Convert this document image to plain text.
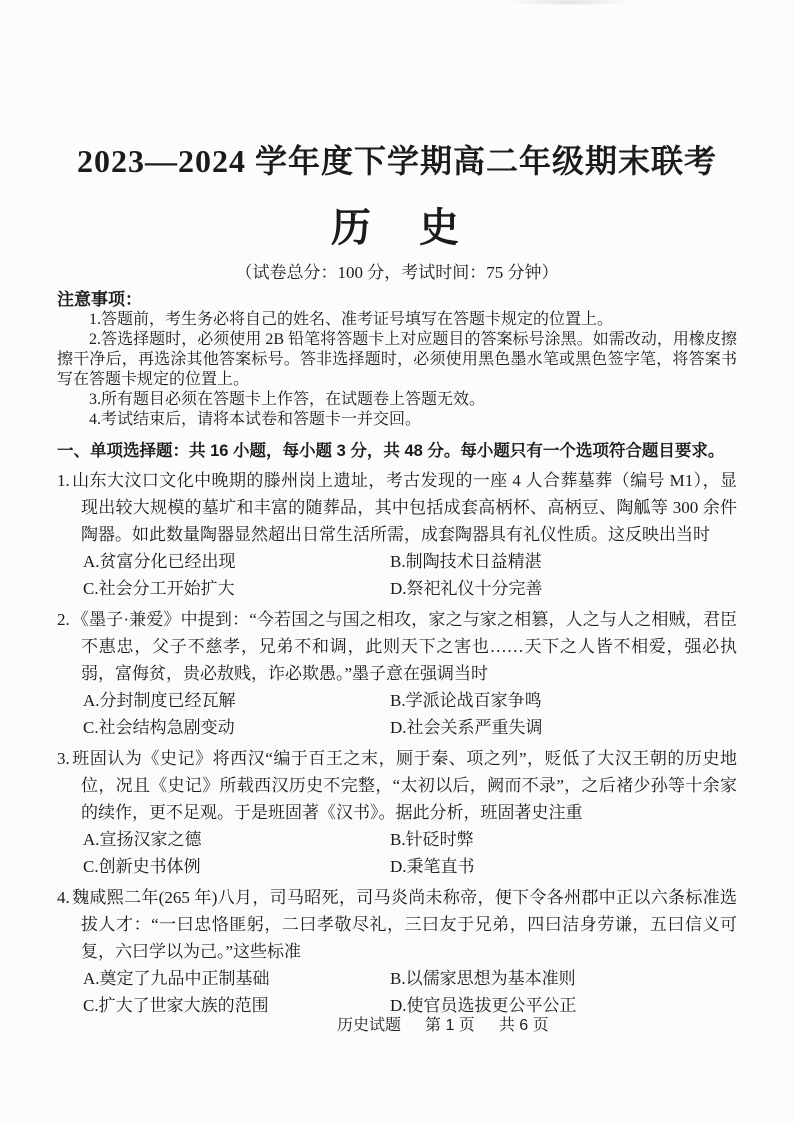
2023—2024 学年度下学期高二年级期末联考
历　史
（试卷总分：100 分，考试时间：75 分钟）
注意事项：

1.答题前，考生务必将自己的姓名、准考证号填写在答题卡规定的位置上。

2.答选择题时，必须使用 2B 铅笔将答题卡上对应题目的答案标号涂黑。如需改动，用橡皮擦擦干净后，再选涂其他答案标号。答非选择题时，必须使用黑色墨水笔或黑色签字笔，将答案书写在答题卡规定的位置上。

3.所有题目必须在答题卡上作答，在试题卷上答题无效。

4.考试结束后，请将本试卷和答题卡一并交回。

一、单项选择题：共 16 小题，每小题 3 分，共 48 分。每小题只有一个选项符合题目要求。

1. 山东大汶口文化中晚期的滕州岗上遗址，考古发现的一座 4 人合葬墓葬（编号 M1），显现出较大规模的墓圹和丰富的随葬品，其中包括成套高柄杯、高柄豆、陶觚等 300 余件陶器。如此数量陶器显然超出日常生活所需，成套陶器具有礼仪性质。这反映出当时

A.贫富分化已经出现	B.制陶技术日益精湛
C.社会分工开始扩大	D.祭祀礼仪十分完善

2. 《墨子·兼爱》中提到：“今若国之与国之相攻，家之与家之相篡，人之与人之相贼，君臣不惠忠，父子不慈孝，兄弟不和调，此则天下之害也……天下之人皆不相爱，强必执弱，富侮贫，贵必敖贱，诈必欺愚。”墨子意在强调当时

A.分封制度已经瓦解	B.学派论战百家争鸣
C.社会结构急剧变动	D.社会关系严重失调

3. 班固认为《史记》将西汉“编于百王之末，厕于秦、项之列”，贬低了大汉王朝的历史地位，况且《史记》所载西汉历史不完整，“太初以后，阙而不录”，之后褚少孙等十余家的续作，更不足观。于是班固著《汉书》。据此分析，班固著史注重

A.宣扬汉家之德	B.针砭时弊
C.创新史书体例	D.秉笔直书

4. 魏咸熙二年(265 年)八月，司马昭死，司马炎尚未称帝，便下令各州郡中正以六条标准选拔人才：“一曰忠恪匪躬，二曰孝敬尽礼，三曰友于兄弟，四曰洁身劳谦，五曰信义可复，六曰学以为己。”这些标准

A.奠定了九品中正制基础	B.以儒家思想为基本准则
C.扩大了世家大族的范围	D.使官员选拔更公平公正
历史试题 第 1 页 共 6 页
